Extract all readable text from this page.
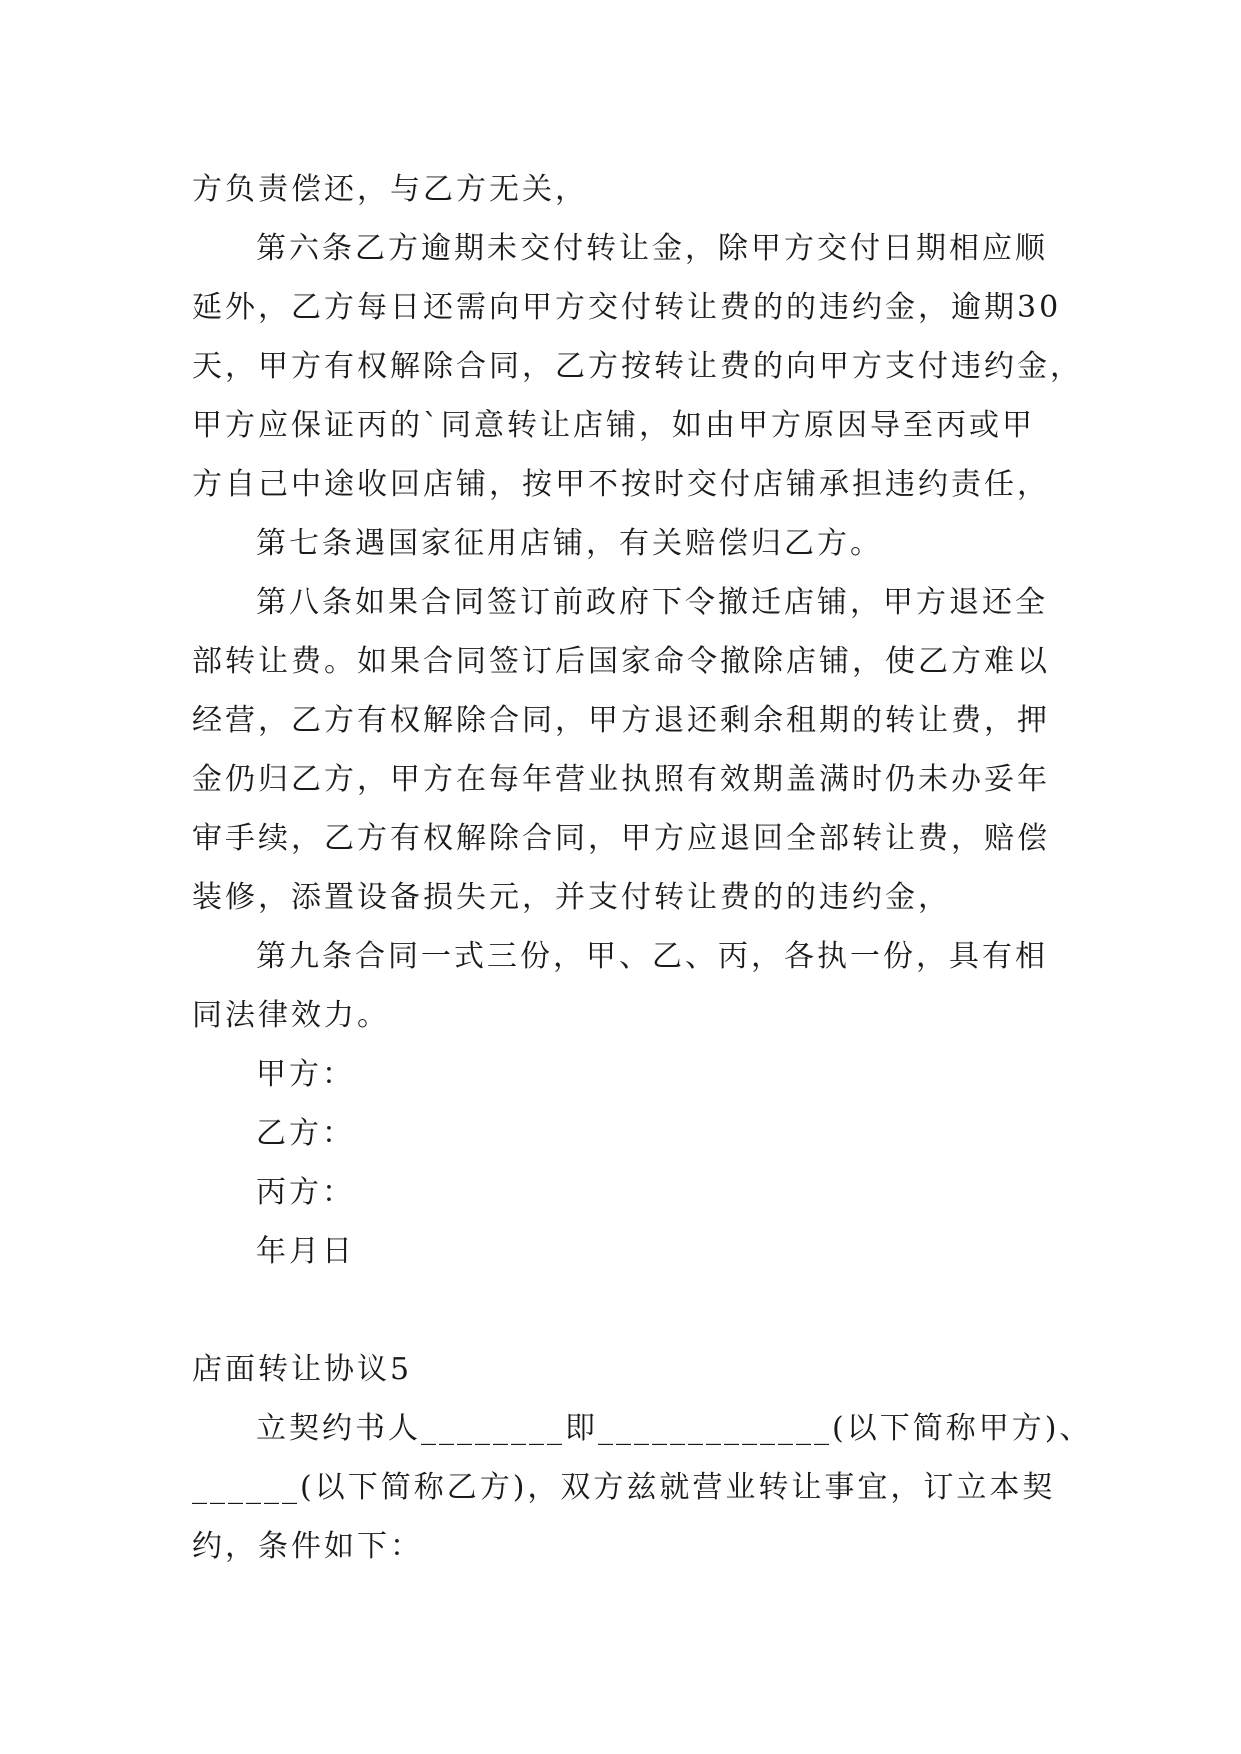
方负责偿还，与乙方无关，
第六条乙方逾期未交付转让金，除甲方交付日期相应顺
延外，乙方每日还需向甲方交付转让费的的违约金，逾期30
天，甲方有权解除合同，乙方按转让费的向甲方支付违约金，
甲方应保证丙的`同意转让店铺，如由甲方原因导至丙或甲
方自己中途收回店铺，按甲不按时交付店铺承担违约责任，
第七条遇国家征用店铺，有关赔偿归乙方。
第八条如果合同签订前政府下令撤迁店铺，甲方退还全
部转让费。如果合同签订后国家命令撤除店铺，使乙方难以
经营，乙方有权解除合同，甲方退还剩余租期的转让费，押
金仍归乙方，甲方在每年营业执照有效期盖满时仍未办妥年
审手续，乙方有权解除合同，甲方应退回全部转让费，赔偿
装修，添置设备损失元，并支付转让费的的违约金，
第九条合同一式三份，甲、乙、丙，各执一份，具有相
同法律效力。
甲方：
乙方：
丙方：
年月日
店面转让协议5
立契约书人________即_____________(以下简称甲方)、
______(以下简称乙方)，双方兹就营业转让事宜，订立本契
约，条件如下：
